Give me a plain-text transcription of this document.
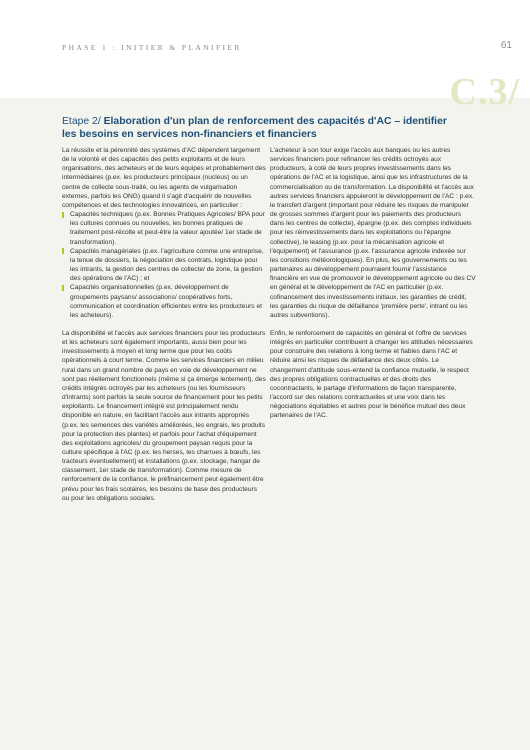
PHASE 1 : INITIER & PLANIFIER	61
C.3/
Etape 2/ Elaboration d'un plan de renforcement des capacités d'AC – identifier les besoins en services non-financiers et financiers

La réussite et la pérennité des systèmes d'AC dépendent largement de la volonté et des capacités des petits exploitants et de leurs organisations, des acheteurs et de leurs équipes et probablement des intermédiaires (p.ex. les producteurs principaux (nucleus) ou un centre de collecte sous-traité, ou les agents de vulgarisation externes, parfois les ONG) quand il s'agit d'acquérir de nouvelles compétences et des technologies innovatrices, en particulier :

Capacités techniques (p.ex. Bonnes Pratiques Agricoles/ BPA pour les cultures connues ou nouvelles, les bonnes pratiques de traitement post-récolte et peut-être la valeur ajoutée/ 1er stade de transformation).
Capacités managériales (p.ex. l'agriculture comme une entreprise, la tenue de dossiers, la négociation des contrats, logistique pour les intrants, la gestion des centres de collecte/ de zone, la gestion des opérations de l'AC) ; et
Capacités organisationnelles (p.ex. développement de groupements paysans/ associations/ coopératives forts, communication et coordination efficientes entre les producteurs et les acheteurs).

La disponibilité et l'accès aux services financiers pour les producteurs et les acheteurs sont également importants, aussi bien pour les investissements à moyen et long terme que pour les coûts opérationnels à court terme. Comme les services financiers en milieu rural dans un grand nombre de pays en voie de développement ne sont pas réellement fonctionnels (même si ça émerge lentement), des crédits intégrés octroyés par les acheteurs (ou les fournisseurs d'intrants) sont parfois la seule source de financement pour les petits exploitants. Le financement intégré est principalement rendu disponible en nature, en facilitant l'accès aux intrants appropriés (p.ex. les semences des variétés améliorées, les engrais, les produits pour la protection des plantes) et parfois pour l'achat d'équipement des exploitations agricoles/ du groupement paysan requis pour la culture spécifique à l'AC (p.ex. les herses, les charrues à bœufs, les tracteurs éventuellement) et installations (p.ex. stockage, hangar de classement, 1er stade de transformation). Comme mesure de renforcement de la confiance, le préfinancement peut également être prévu pour les frais scolaires, les besoins de base des producteurs ou pour les obligations sociales.

L'acheteur à son tour exige l'accès aux banques ou les autres services financiers pour refinancer les crédits octroyés aux producteurs, à coté de leurs propres investissements dans les opérations de l'AC et la logistique, ainsi que les infrastructures de la commercialisation ou de transformation. La disponibilité et l'accès aux autres services financiers appuieront le développement de l'AC : p.ex. le transfert d'argent (important pour réduire les risques de manipuler de grosses sommes d'argent pour les paiements des producteurs dans les centres de collecte), épargne (p.ex. des comptes individuels pour les réinvestissements dans les exploitations ou l'épargne collective), le leasing (p.ex. pour la mécanisation agricole et l'équipement) et l'assurance (p.ex. l'assurance agricole indexée sur les consitions météorologiques). En plus, les gouvernements ou les partenaires au développement pourraient fournir l'assistance financière en vue de promouvoir le développement agricole ou des CV en général et le développement de l'AC en particulier (p.ex. cofinancement des investissements initiaux, les garanties de crédit, les garanties du risque de défaillance 'première perte', intrant ou les autres subventions).

Enfin, le renforcement de capacités en général et l'offre de services intégrés en particulier contribuent à changer les attitudes nécessaires pour construire des relations à long terme et fiables dans l'AC et réduire ainsi les risques de défaillance des deux côtés. Le changement d'attitude sous-entend la confiance mutuelle, le respect des propres obligations contractuelles et des droits des cocontractants, le partage d'informations de façon transparente, l'accord sur des relations contractuelles et une voix dans les négociations équitables et autres pour le bénéfice mutuel des deux partenaires de l'AC.
